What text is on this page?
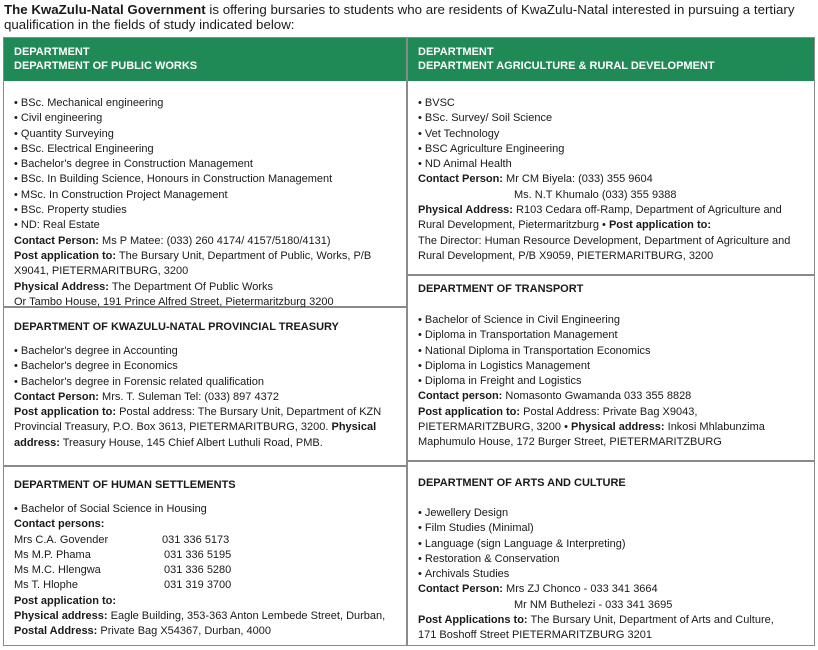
The KwaZulu-Natal Government is offering bursaries to students who are residents of KwaZulu-Natal interested in pursuing a tertiary qualification in the fields of study indicated below:
DEPARTMENT
DEPARTMENT OF PUBLIC WORKS
• BSc. Mechanical engineering
• Civil engineering
• Quantity Surveying
• BSc. Electrical Engineering
• Bachelor's degree in Construction Management
• BSc. In Building Science, Honours in Construction Management
• MSc. In Construction Project Management
• BSc. Property studies
• ND: Real Estate
Contact Person: Ms P Matee: (033) 260 4174/ 4157/5180/4131)
Post application to: The Bursary Unit, Department of Public, Works, P/B
X9041, PIETERMARITBURG, 3200
Physical Address: The Department Of Public Works
Or Tambo House, 191 Prince Alfred Street, Pietermaritzburg 3200
DEPARTMENT OF KWAZULU-NATAL PROVINCIAL TREASURY
• Bachelor's degree in Accounting
• Bachelor's degree in Economics
• Bachelor's degree in Forensic related qualification
Contact Person: Mrs. T. Suleman Tel: (033) 897 4372
Post application to: Postal address: The Bursary Unit, Department of KZN
Provincial Treasury, P.O. Box 3613, PIETERMARITBURG, 3200. Physical
address: Treasury House, 145 Chief Albert Luthuli Road, PMB.
DEPARTMENT OF HUMAN SETTLEMENTS
• Bachelor of Social Science in Housing
Contact persons:
Mrs C.A. Govender	031 336 5173
Ms M.P. Phama	031 336 5195
Ms M.C. Hlengwa	031 336 5280
Ms T. Hlophe	031 319 3700
Post application to:
Physical address: Eagle Building, 353-363 Anton Lembede Street, Durban,
Postal Address: Private Bag X54367, Durban, 4000
DEPARTMENT
DEPARTMENT AGRICULTURE & RURAL DEVELOPMENT
• BVSC
• BSc. Survey/ Soil Science
• Vet Technology
• BSC Agriculture Engineering
• ND Animal Health
Contact Person: Mr CM Biyela: (033) 355 9604
Ms. N.T Khumalo (033) 355 9388
Physical Address: R103 Cedara off-Ramp, Department of Agriculture and
Rural Development, Pietermaritzburg • Post application to:
The Director: Human Resource Development, Department of Agriculture and
Rural Development, P/B X9059, PIETERMARITBURG, 3200
DEPARTMENT OF TRANSPORT
• Bachelor of Science in Civil Engineering
• Diploma in Transportation Management
• National Diploma in Transportation Economics
• Diploma in Logistics Management
• Diploma in Freight and Logistics
Contact person: Nomasonto Gwamanda 033 355 8828
Post application to: Postal Address: Private Bag X9043,
PIETERMARITZBURG, 3200 • Physical address: Inkosi Mhlabunzima
Maphumulo House, 172 Burger Street, PIETERMARITZBURG
DEPARTMENT OF ARTS AND CULTURE
• Jewellery Design
• Film Studies (Minimal)
• Language (sign Language & Interpreting)
• Restoration & Conservation
• Archivals Studies
Contact Person: Mrs ZJ Chonco - 033 341 3664
Mr NM Buthelezi - 033 341 3695
Post Applications to: The Bursary Unit, Department of Arts and Culture,
171 Boshoff Street PIETERMARITZBURG 3201
